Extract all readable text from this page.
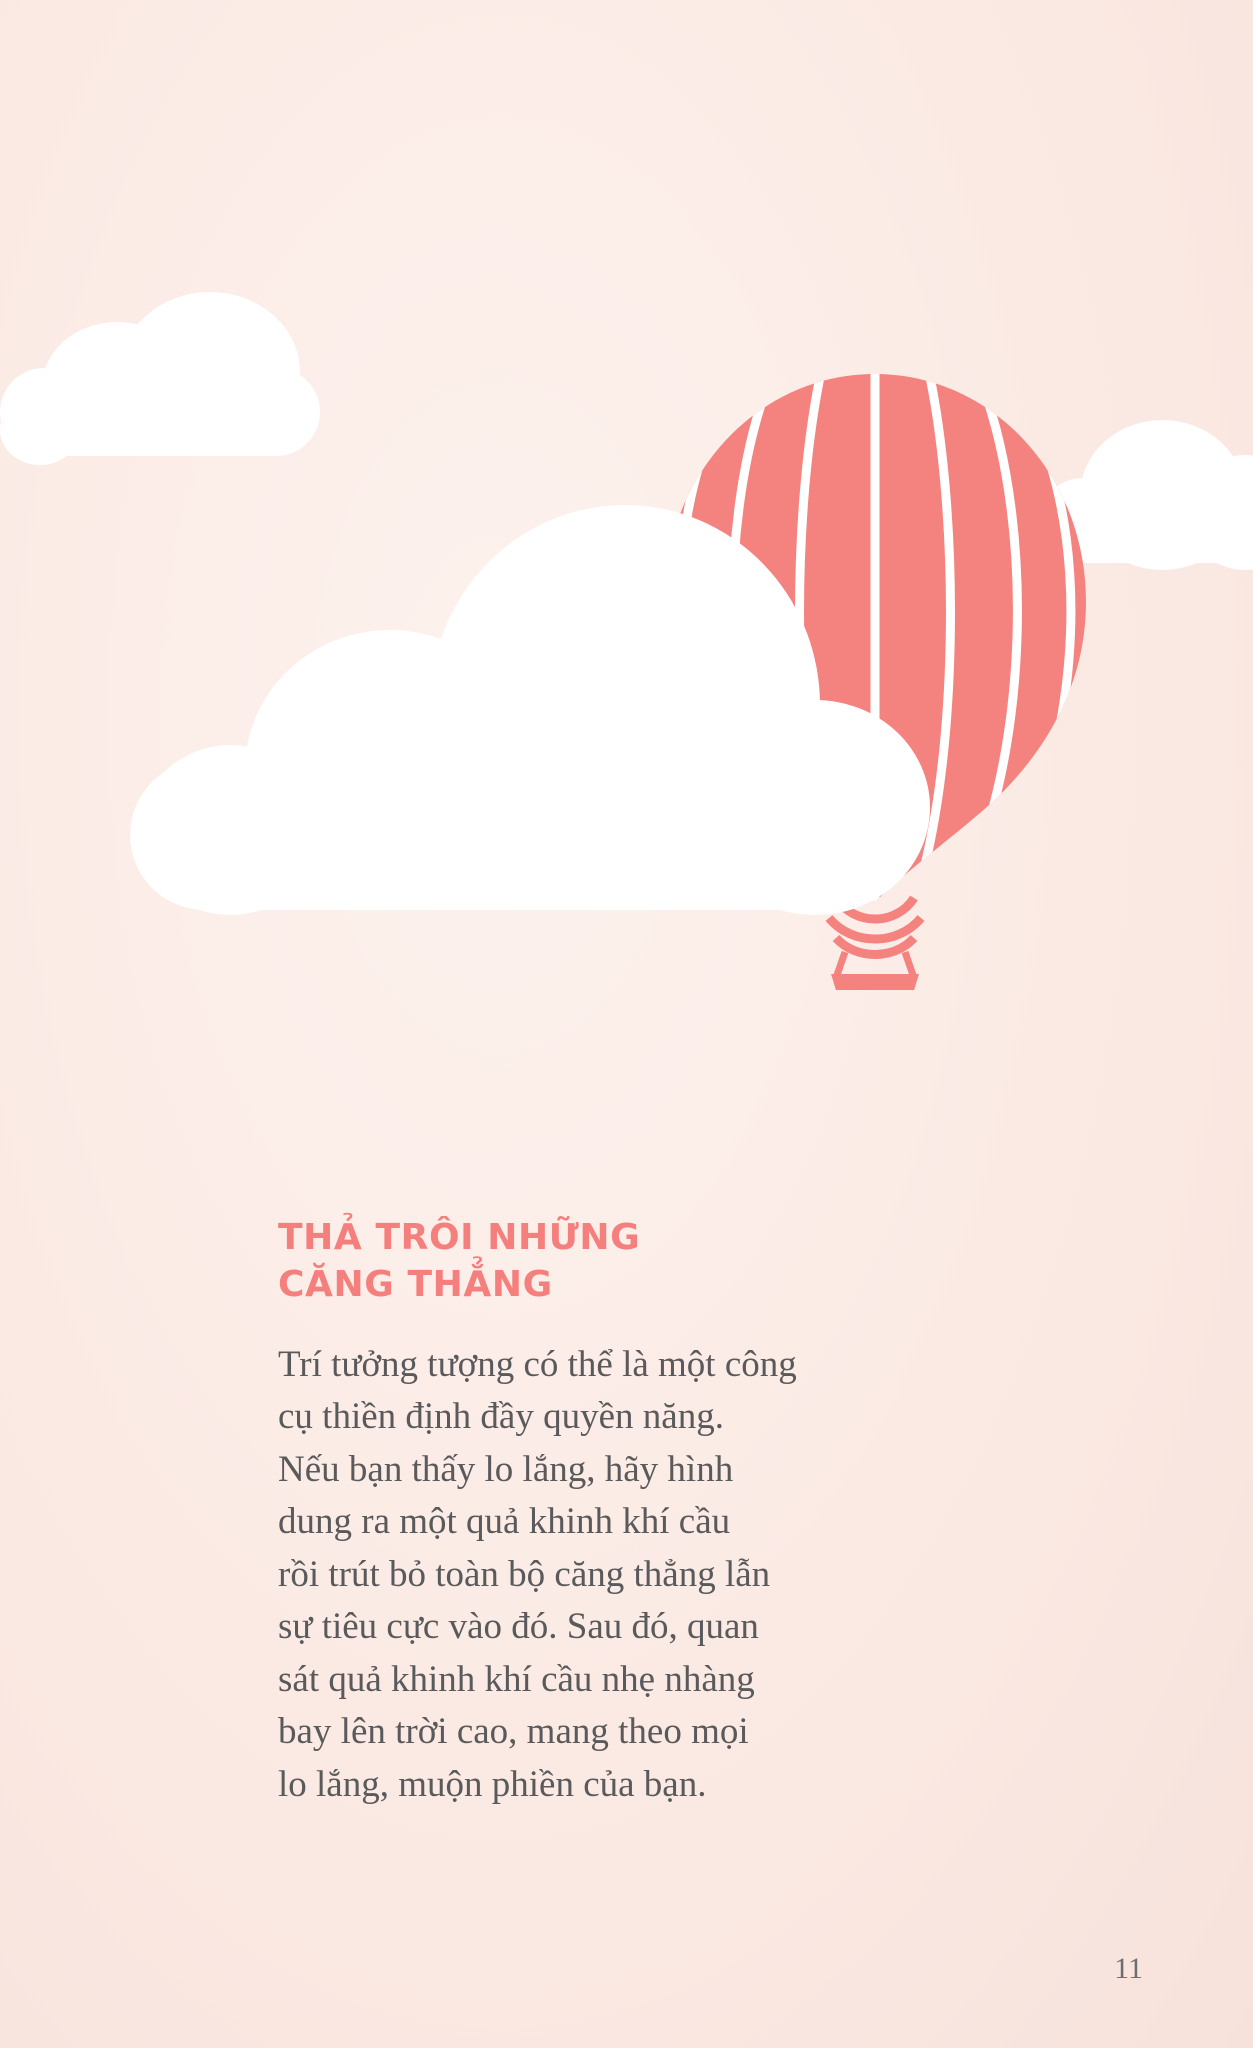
THẢ TRÔI NHỮNG
CĂNG THẲNG

Trí tưởng tượng có thể là một công
cụ thiền định đầy quyền năng.
Nếu bạn thấy lo lắng, hãy hình
dung ra một quả khinh khí cầu
rồi trút bỏ toàn bộ căng thẳng lẫn
sự tiêu cực vào đó. Sau đó, quan
sát quả khinh khí cầu nhẹ nhàng
bay lên trời cao, mang theo mọi
lo lắng, muộn phiền của bạn.

11
